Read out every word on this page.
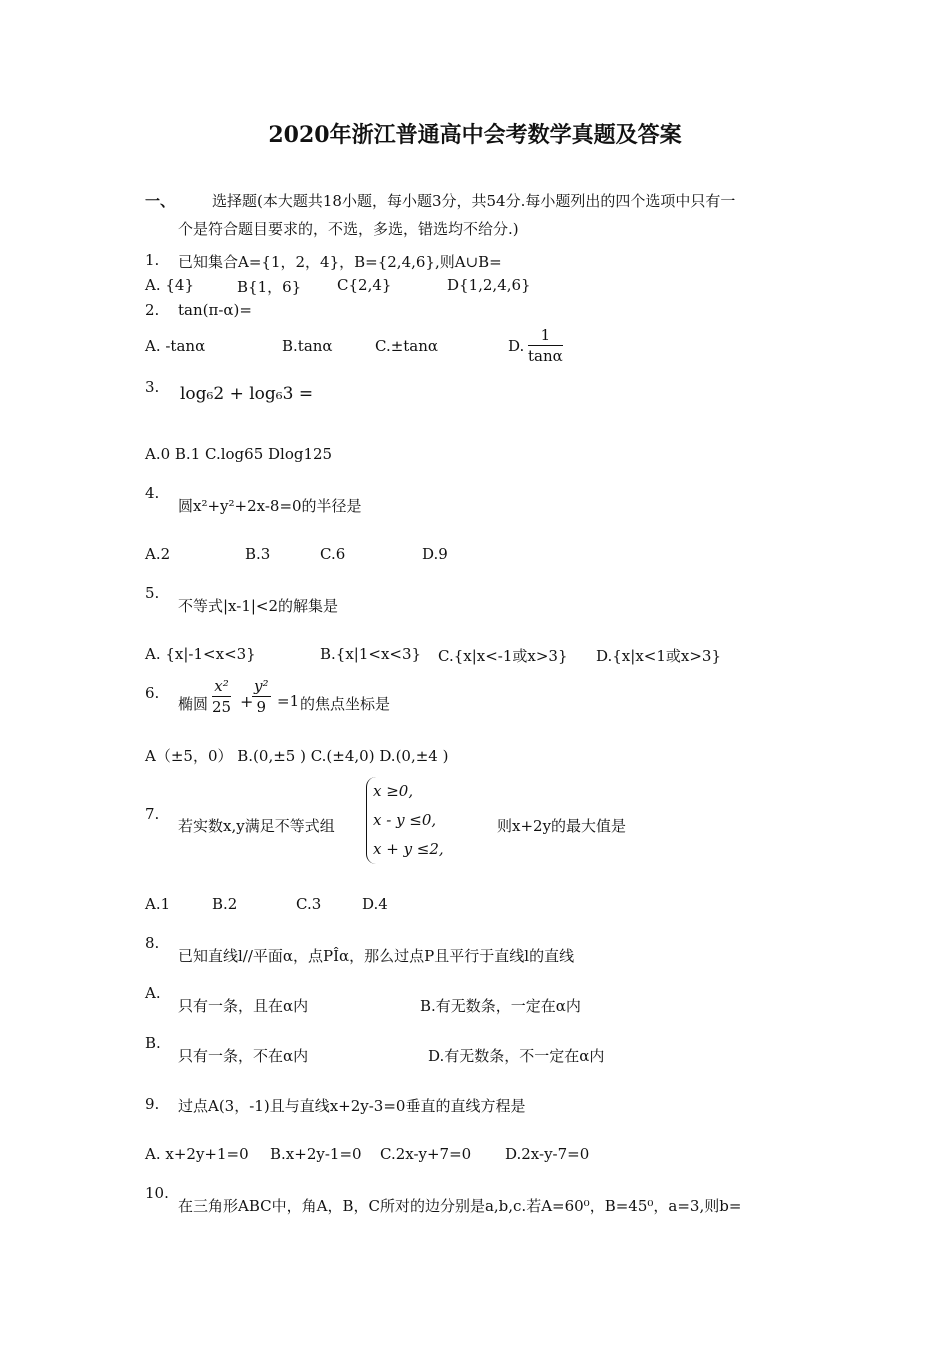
2020年浙江普通高中会考数学真题及答案
一、 选择题(本大题共18小题，每小题3分，共54分.每小题列出的四个选项中只有一
个是符合题目要求的，不选，多选，错选均不给分.)
1. 已知集合A={1，2，4}，B={2,4,6},则A∪B=
A. {4}	B{1，6} C{2,4}	D{1,2,4,6}
2. tan(π-α)=
A. -tanα	B.tanα	C.±tanα	D. $\frac{1}{\tan\alpha}$
3. log₆2 + log₆3 =
A.0 B.1 C.log65 Dlog125
4.
圆x²+y²+2x-8=0的半径是
A.2	B.3	C.6	D.9
5.
不等式|x-1|<2的解集是
A. {x|-1<x<3}	B.{x|1<x<3} C.{x|x<-1或x>3} D.{x|x<1或x>3}
6.
椭圆 $\frac{\text{x²}}{25}$ +
$\frac{\text{y²}}{9} =1$ 的焦点坐标是
A（±5，0） B.(0,±5 ) C.(±4,0) D.(0,±4 )
7.
若实数x,y满足不等式组
x ≥0,
x - y ≤0,
x + y ≤2,
则x+2y的最大值是
A.1	B.2	C.3	D.4
8.
已知直线l//平面α，点PÎα，那么过点P且平行于直线l的直线
A.
只有一条，且在α内	B.有无数条，一定在α内
B.
只有一条，不在α内	D.有无数条，不一定在α内
9. 过点A(3，-1)且与直线x+2y-3=0垂直的直线方程是
A. x+2y+1=0 B.x+2y-1=0 C.2x-y+7=0 D.2x-y-7=0
10.
在三角形ABC中，角A，B，C所对的边分别是a,b,c.若A=60⁰，B=45⁰，a=3,则b=
